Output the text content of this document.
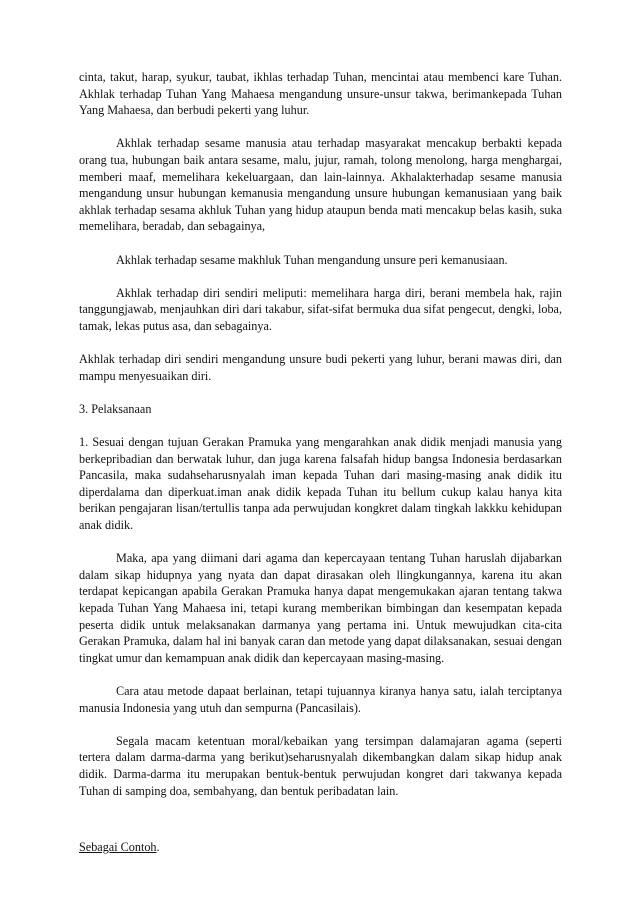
cinta, takut, harap, syukur, taubat, ikhlas terhadap Tuhan, mencintai atau membenci kare Tuhan. Akhlak terhadap Tuhan Yang Mahaesa mengandung unsure-unsur takwa, berimankepada Tuhan Yang Mahaesa, dan berbudi pekerti yang luhur.

Akhlak terhadap sesame manusia atau terhadap masyarakat mencakup berbakti kepada orang tua, hubungan baik antara sesame, malu, jujur, ramah, tolong menolong, harga menghargai, memberi maaf, memelihara kekeluargaan, dan lain-lainnya. Akhalakterhadap sesame manusia mengandung unsur hubungan kemanusia mengandung unsure hubungan kemanusiaan yang baik akhlak terhadap sesama akhluk Tuhan yang hidup ataupun benda mati mencakup belas kasih, suka memelihara, beradab, dan sebagainya,

Akhlak terhadap sesame makhluk Tuhan mengandung unsure peri kemanusiaan.

Akhlak terhadap diri sendiri meliputi: memelihara harga diri, berani membela hak, rajin tanggungjawab, menjauhkan diri dari takabur, sifat-sifat bermuka dua sifat pengecut, dengki, loba, tamak, lekas putus asa, dan sebagainya.

Akhlak terhadap diri sendiri mengandung unsure budi pekerti yang luhur, berani mawas diri, dan mampu menyesuaikan diri.

3. Pelaksanaan

1. Sesuai dengan tujuan Gerakan Pramuka yang mengarahkan anak didik menjadi manusia yang berkepribadian dan berwatak luhur, dan juga karena falsafah hidup bangsa Indonesia berdasarkan Pancasila, maka sudahseharusnyalah iman kepada Tuhan dari masing-masing anak didik itu diperdalama dan diperkuat.iman anak didik kepada Tuhan itu bellum cukup kalau hanya kita berikan pengajaran lisan/tertullis tanpa ada perwujudan kongkret dalam tingkah lakkku kehidupan anak didik.

Maka, apa yang diimani dari agama dan kepercayaan tentang Tuhan haruslah dijabarkan dalam sikap hidupnya yang nyata dan dapat dirasakan oleh llingkungannya, karena itu akan terdapat kepicangan apabila Gerakan Pramuka hanya dapat mengemukakan ajaran tentang takwa kepada Tuhan Yang Mahaesa ini, tetapi kurang memberikan bimbingan dan kesempatan kepada peserta didik untuk melaksanakan darmanya yang pertama ini. Untuk mewujudkan cita-cita Gerakan Pramuka, dalam hal ini banyak caran dan metode yang dapat dilaksanakan, sesuai dengan tingkat umur dan kemampuan anak didik dan kepercayaan masing-masing.

Cara atau metode dapaat berlainan, tetapi tujuannya kiranya hanya satu, ialah terciptanya manusia Indonesia yang utuh dan sempurna (Pancasilais).

Segala macam ketentuan moral/kebaikan yang tersimpan dalamajaran agama (seperti tertera dalam darma-darma yang berikut)seharusnyalah dikembangkan dalam sikap hidup anak didik. Darma-darma itu merupakan bentuk-bentuk perwujudan kongret dari takwanya kepada Tuhan di samping doa, sembahyang, dan bentuk peribadatan lain.

Sebagai Contoh.
